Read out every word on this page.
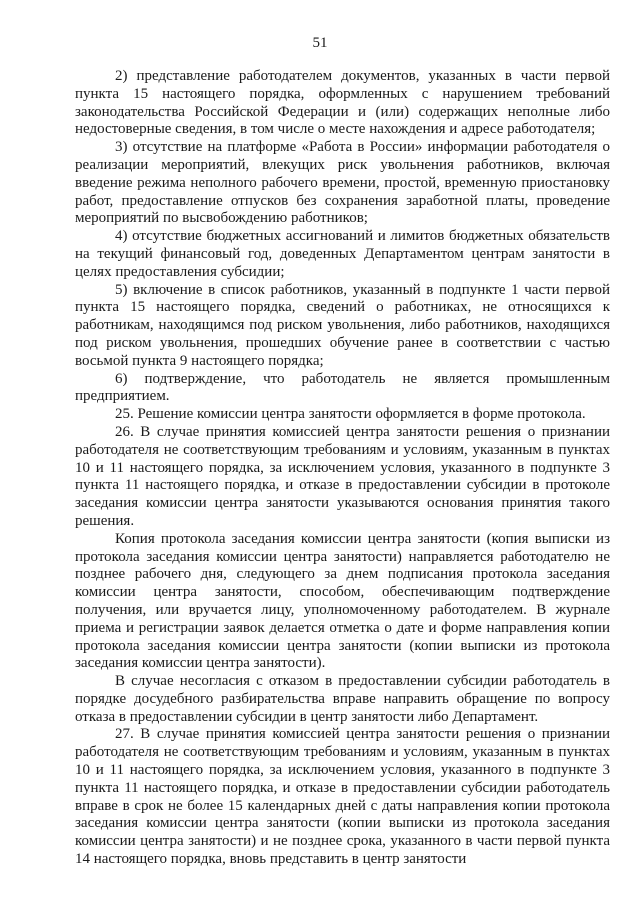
51

2) представление работодателем документов, указанных в части первой пункта 15 настоящего порядка, оформленных с нарушением требований законодательства Российской Федерации и (или) содержащих неполные либо недостоверные сведения, в том числе о месте нахождения и адресе работодателя;

3) отсутствие на платформе «Работа в России» информации работодателя о реализации мероприятий, влекущих риск увольнения работников, включая введение режима неполного рабочего времени, простой, временную приостановку работ, предоставление отпусков без сохранения заработной платы, проведение мероприятий по высвобождению работников;

4) отсутствие бюджетных ассигнований и лимитов бюджетных обязательств на текущий финансовый год, доведенных Департаментом центрам занятости в целях предоставления субсидии;

5) включение в список работников, указанный в подпункте 1 части первой пункта 15 настоящего порядка, сведений о работниках, не относящихся к работникам, находящимся под риском увольнения, либо работников, находящихся под риском увольнения, прошедших обучение ранее в соответствии с частью восьмой пункта 9 настоящего порядка;

6) подтверждение, что работодатель не является промышленным предприятием.

25. Решение комиссии центра занятости оформляется в форме протокола.

26. В случае принятия комиссией центра занятости решения о признании работодателя не соответствующим требованиям и условиям, указанным в пунктах 10 и 11 настоящего порядка, за исключением условия, указанного в подпункте 3 пункта 11 настоящего порядка, и отказе в предоставлении субсидии в протоколе заседания комиссии центра занятости указываются основания принятия такого решения.

Копия протокола заседания комиссии центра занятости (копия выписки из протокола заседания комиссии центра занятости) направляется работодателю не позднее рабочего дня, следующего за днем подписания протокола заседания комиссии центра занятости, способом, обеспечивающим подтверждение получения, или вручается лицу, уполномоченному работодателем. В журнале приема и регистрации заявок делается отметка о дате и форме направления копии протокола заседания комиссии центра занятости (копии выписки из протокола заседания комиссии центра занятости).

В случае несогласия с отказом в предоставлении субсидии работодатель в порядке досудебного разбирательства вправе направить обращение по вопросу отказа в предоставлении субсидии в центр занятости либо Департамент.

27. В случае принятия комиссией центра занятости решения о признании работодателя не соответствующим требованиям и условиям, указанным в пунктах 10 и 11 настоящего порядка, за исключением условия, указанного в подпункте 3 пункта 11 настоящего порядка, и отказе в предоставлении субсидии работодатель вправе в срок не более 15 календарных дней с даты направления копии протокола заседания комиссии центра занятости (копии выписки из протокола заседания комиссии центра занятости) и не позднее срока, указанного в части первой пункта 14 настоящего порядка, вновь представить в центр занятости
